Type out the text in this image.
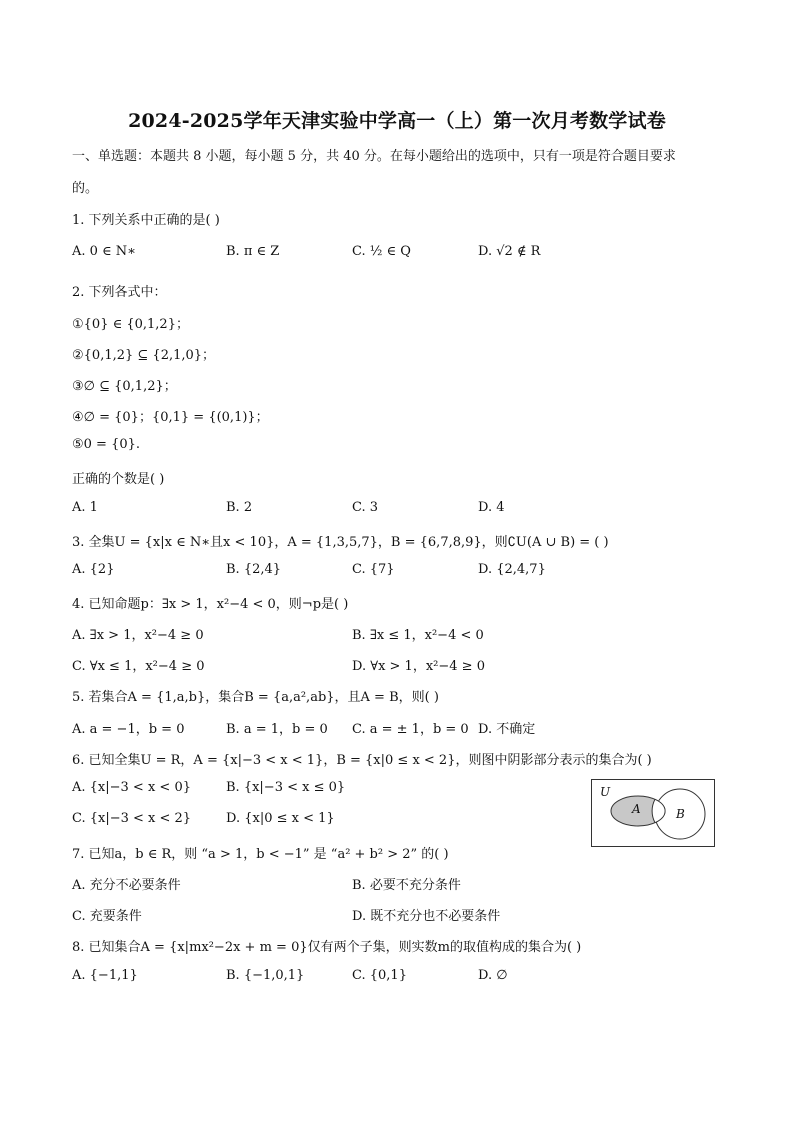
2024-2025学年天津实验中学高一（上）第一次月考数学试卷
一、单选题：本题共 8 小题，每小题 5 分，共 40 分。在每小题给出的选项中，只有一项是符合题目要求
的。
1. 下列关系中正确的是( )
A. 0 ∈ N∗	B. π ∈ Z	C. ½ ∈ Q	D. √2 ∉ R
2. 下列各式中：
①{0} ∈ {0,1,2}；
②{0,1,2} ⊆ {2,1,0}；
③∅ ⊆ {0,1,2}；
④∅ = {0}；{0,1} = {(0,1)}；
⑤0 = {0}.
正确的个数是( )
A. 1	B. 2	C. 3	D. 4
3. 全集U = {x|x ∈ N∗且x < 10}，A = {1,3,5,7}，B = {6,7,8,9}，则∁U(A ∪ B) = ( )
A. {2}	B. {2,4}	C. {7}	D. {2,4,7}
4. 已知命题p：∃x > 1，x²−4 < 0，则¬p是( )
A. ∃x > 1，x²−4 ≥ 0	B. ∃x ≤ 1，x²−4 < 0
C. ∀x ≤ 1，x²−4 ≥ 0	D. ∀x > 1，x²−4 ≥ 0
5. 若集合A = {1,a,b}，集合B = {a,a²,ab}，且A = B，则( )
A. a = −1，b = 0	B. a = 1，b = 0 C. a = ± 1，b = 0 D. 不确定
6. 已知全集U = R，A = {x|−3 < x < 1}，B = {x|0 ≤ x < 2}，则图中阴影部分表示的集合为( )
A. {x|−3 < x < 0}	B. {x|−3 < x ≤ 0}
C. {x|−3 < x < 2}	D. {x|0 ≤ x < 1}
U
A	B
7. 已知a，b ∈ R，则 “a > 1，b < −1” 是 “a² + b² > 2” 的( )
A. 充分不必要条件	B. 必要不充分条件
C. 充要条件	D. 既不充分也不必要条件
8. 已知集合A = {x|mx²−2x + m = 0}仅有两个子集，则实数m的取值构成的集合为( )
A. {−1,1}	B. {−1,0,1}	C. {0,1}	D. ∅
